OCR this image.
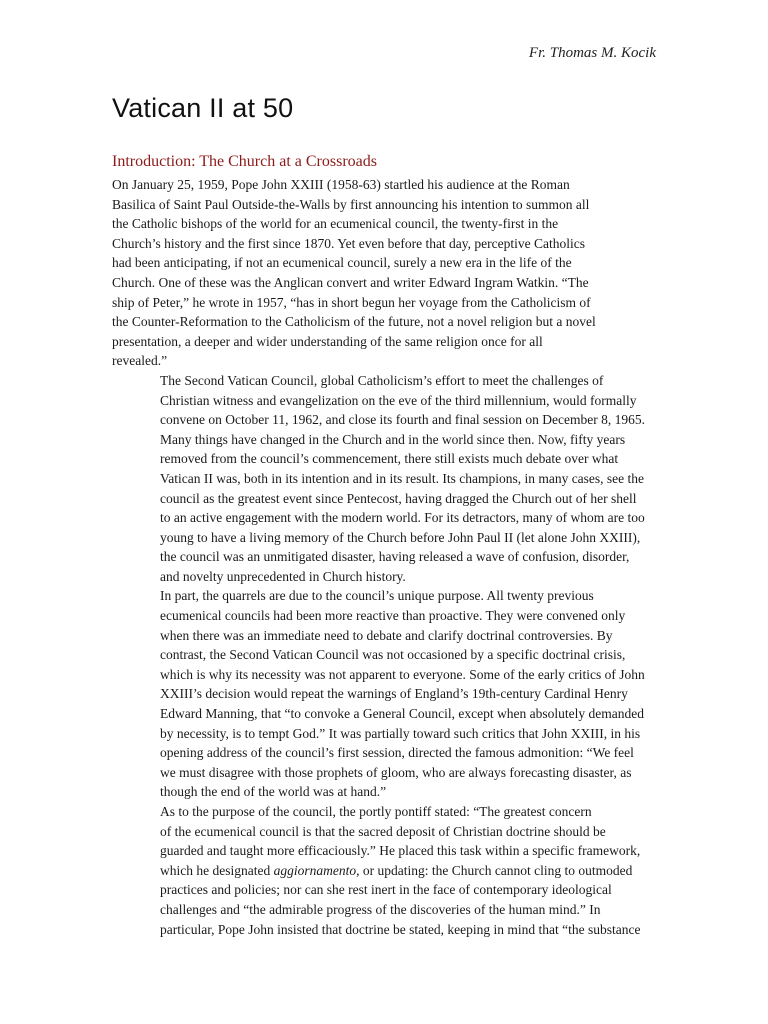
Fr. Thomas M. Kocik
Vatican II at 50
Introduction: The Church at a Crossroads

On January 25, 1959, Pope John XXIII (1958-63) startled his audience at the Roman
Basilica of Saint Paul Outside-the-Walls by first announcing his intention to summon all
the Catholic bishops of the world for an ecumenical council, the twenty-first in the
Church’s history and the first since 1870. Yet even before that day, perceptive Catholics
had been anticipating, if not an ecumenical council, surely a new era in the life of the
Church. One of these was the Anglican convert and writer Edward Ingram Watkin. “The
ship of Peter,” he wrote in 1957, “has in short begun her voyage from the Catholicism of
the Counter-Reformation to the Catholicism of the future, not a novel religion but a novel
presentation, a deeper and wider understanding of the same religion once for all
revealed.”

The Second Vatican Council, global Catholicism’s effort to meet the challenges of
Christian witness and evangelization on the eve of the third millennium, would formally
convene on October 11, 1962, and close its fourth and final session on December 8, 1965.
Many things have changed in the Church and in the world since then. Now, fifty years
removed from the council’s commencement, there still exists much debate over what
Vatican II was, both in its intention and in its result. Its champions, in many cases, see the
council as the greatest event since Pentecost, having dragged the Church out of her shell
to an active engagement with the modern world. For its detractors, many of whom are too
young to have a living memory of the Church before John Paul II (let alone John XXIII),
the council was an unmitigated disaster, having released a wave of confusion, disorder,
and novelty unprecedented in Church history.

In part, the quarrels are due to the council’s unique purpose. All twenty previous
ecumenical councils had been more reactive than proactive. They were convened only
when there was an immediate need to debate and clarify doctrinal controversies. By
contrast, the Second Vatican Council was not occasioned by a specific doctrinal crisis,
which is why its necessity was not apparent to everyone. Some of the early critics of John
XXIII’s decision would repeat the warnings of England’s 19th-century Cardinal Henry
Edward Manning, that “to convoke a General Council, except when absolutely demanded
by necessity, is to tempt God.” It was partially toward such critics that John XXIII, in his
opening address of the council’s first session, directed the famous admonition: “We feel
we must disagree with those prophets of gloom, who are always forecasting disaster, as
though the end of the world was at hand.”

As to the purpose of the council, the portly pontiff stated: “The greatest concern
of the ecumenical council is that the sacred deposit of Christian doctrine should be
guarded and taught more efficaciously.” He placed this task within a specific framework,
which he designated aggiornamento, or updating: the Church cannot cling to outmoded
practices and policies; nor can she rest inert in the face of contemporary ideological
challenges and “the admirable progress of the discoveries of the human mind.” In
particular, Pope John insisted that doctrine be stated, keeping in mind that “the substance
